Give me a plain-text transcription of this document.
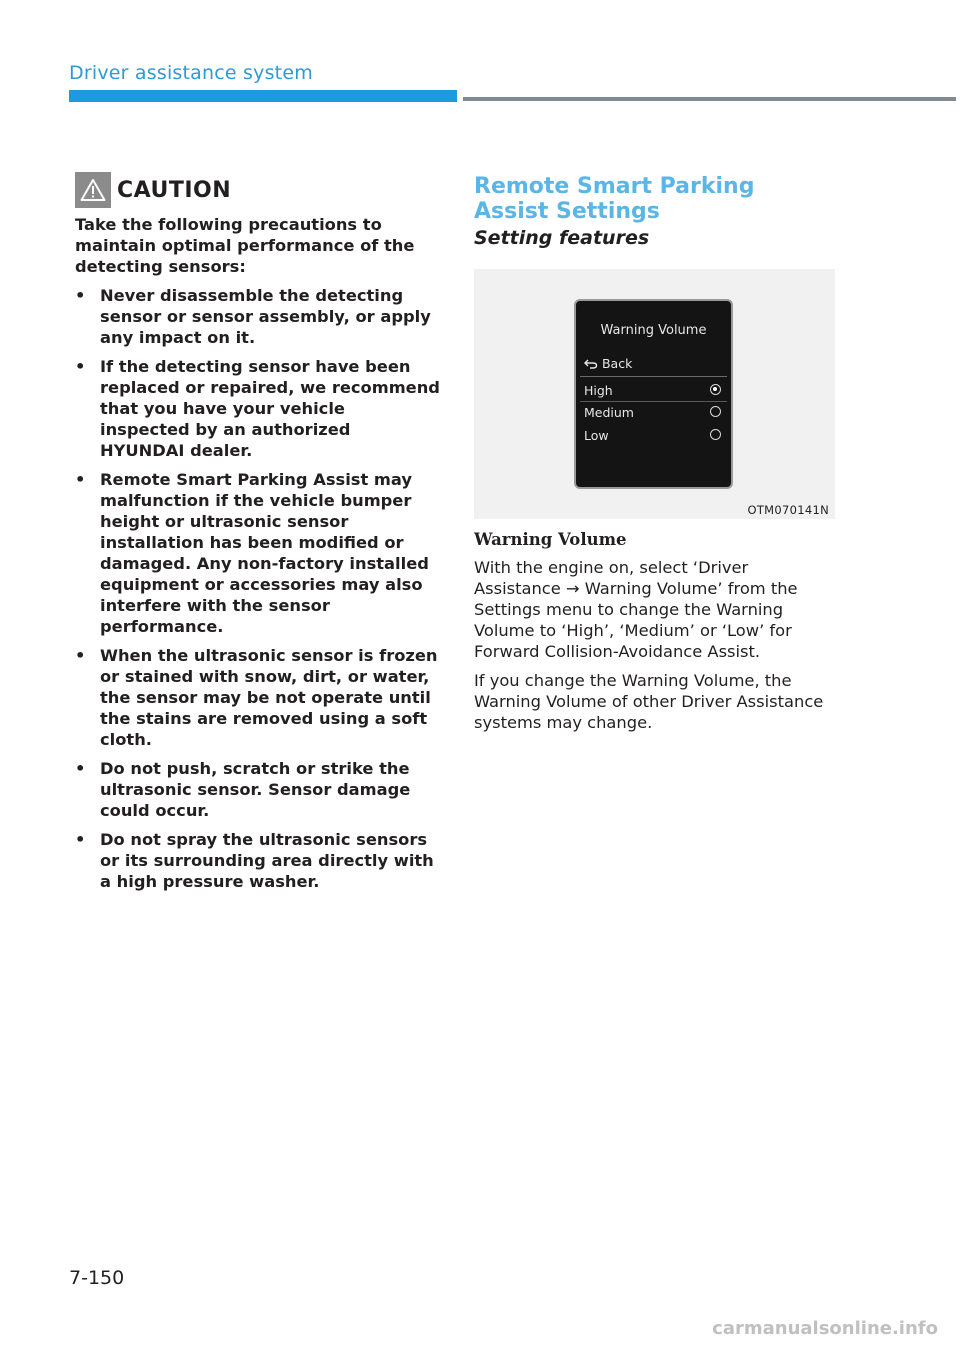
Driver assistance system
CAUTION
Take the following precautions to maintain optimal performance of the detecting sensors:
• Never disassemble the detecting sensor or sensor assembly, or apply any impact on it.
• If the detecting sensor have been replaced or repaired, we recommend that you have your vehicle inspected by an authorized HYUNDAI dealer.
• Remote Smart Parking Assist may malfunction if the vehicle bumper height or ultrasonic sensor installation has been modified or damaged. Any non-factory installed equipment or accessories may also interfere with the sensor performance.
• When the ultrasonic sensor is frozen or stained with snow, dirt, or water, the sensor may be not operate until the stains are removed using a soft cloth.
• Do not push, scratch or strike the ultrasonic sensor. Sensor damage could occur.
• Do not spray the ultrasonic sensors or its surrounding area directly with a high pressure washer.
Remote Smart Parking Assist Settings
Setting features
Warning Volume
Back
High
Medium
Low
OTM070141N
Warning Volume
With the engine on, select ‘Driver Assistance → Warning Volume’ from the Settings menu to change the Warning Volume to ‘High’, ‘Medium’ or ‘Low’ for Forward Collision-Avoidance Assist.
If you change the Warning Volume, the Warning Volume of other Driver Assistance systems may change.
7-150
carmanualsonline.info
